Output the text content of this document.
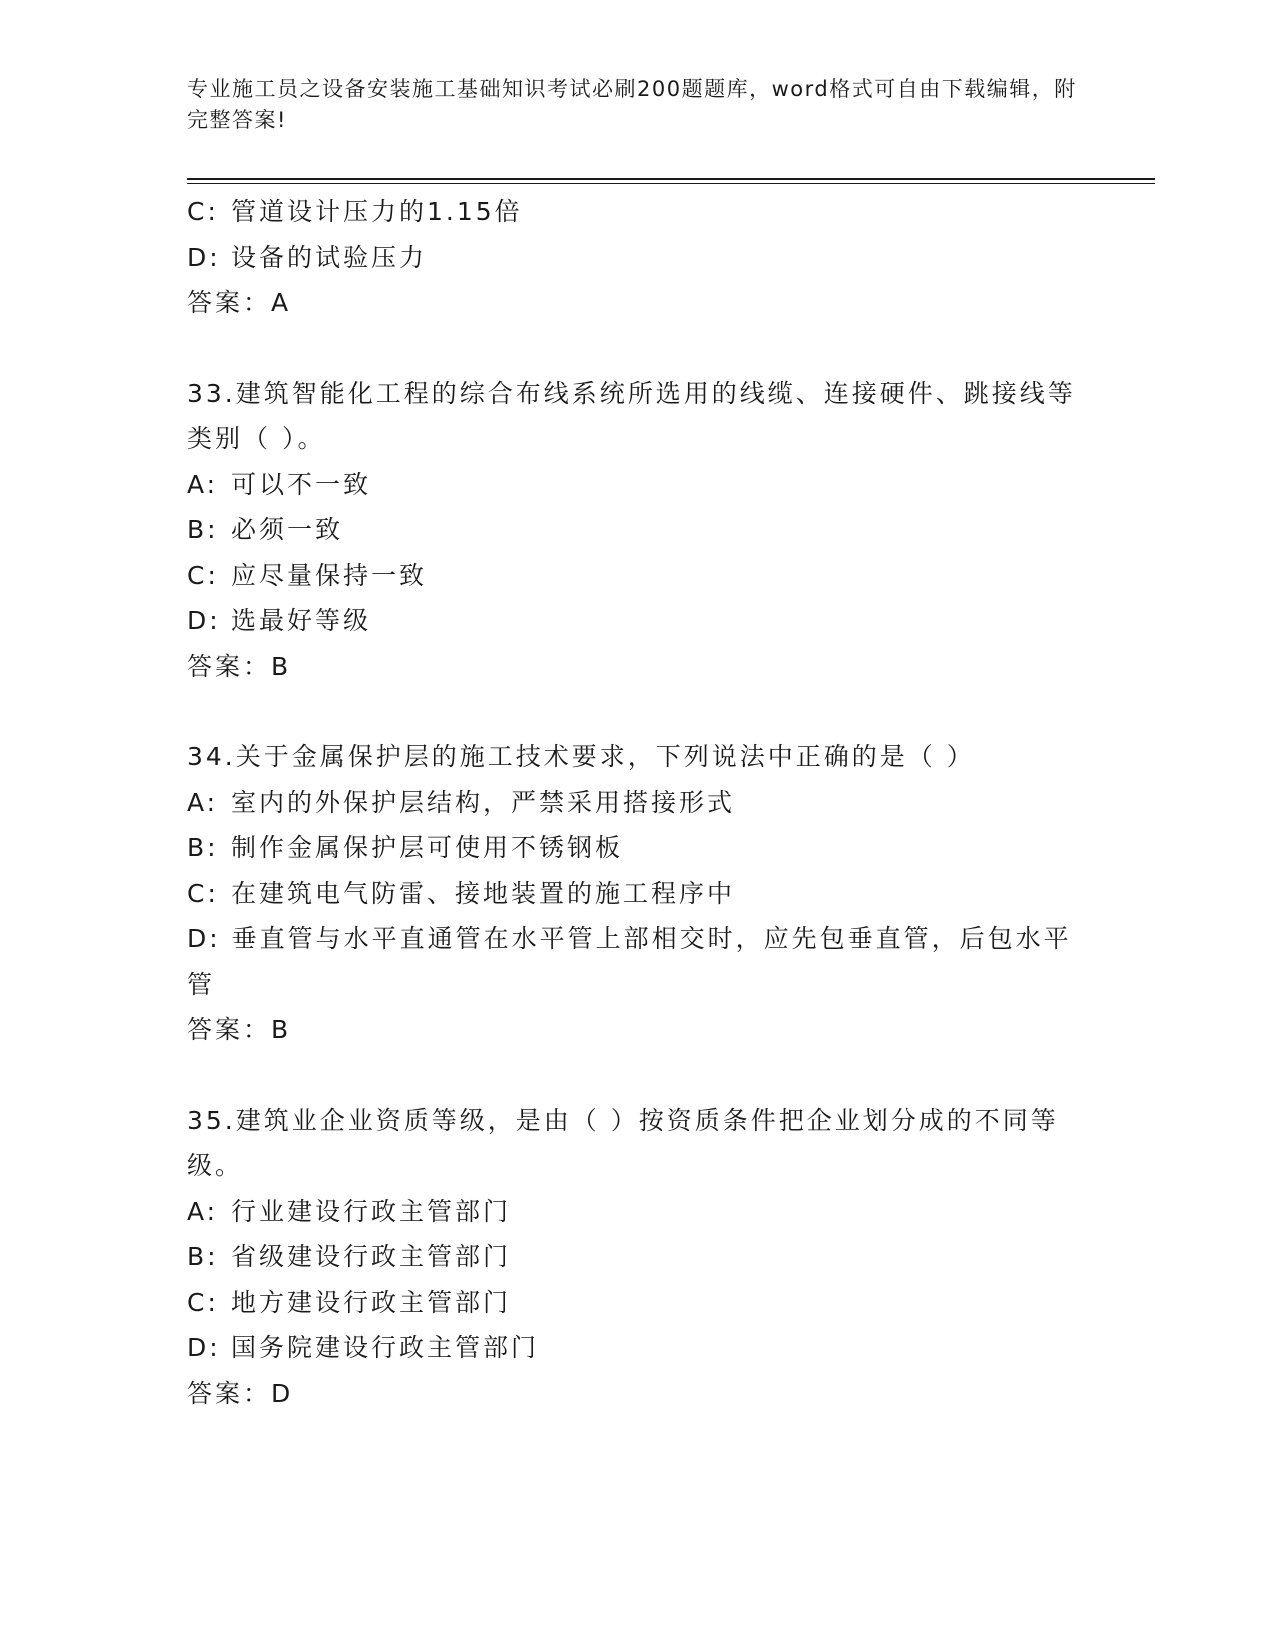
专业施工员之设备安装施工基础知识考试必刷200题题库，word格式可自由下载编辑，附完整答案!
C: 管道设计压力的1.15倍
D: 设备的试验压力
答案：A
33.建筑智能化工程的综合布线系统所选用的线缆、连接硬件、跳接线等类别（ ）。
A: 可以不一致
B: 必须一致
C: 应尽量保持一致
D: 选最好等级
答案：B
34.关于金属保护层的施工技术要求，下列说法中正确的是（ ）
A: 室内的外保护层结构，严禁采用搭接形式
B: 制作金属保护层可使用不锈钢板
C: 在建筑电气防雷、接地装置的施工程序中
D: 垂直管与水平直通管在水平管上部相交时，应先包垂直管，后包水平管
答案：B
35.建筑业企业资质等级，是由（ ）按资质条件把企业划分成的不同等级。
A: 行业建设行政主管部门
B: 省级建设行政主管部门
C: 地方建设行政主管部门
D: 国务院建设行政主管部门
答案：D
